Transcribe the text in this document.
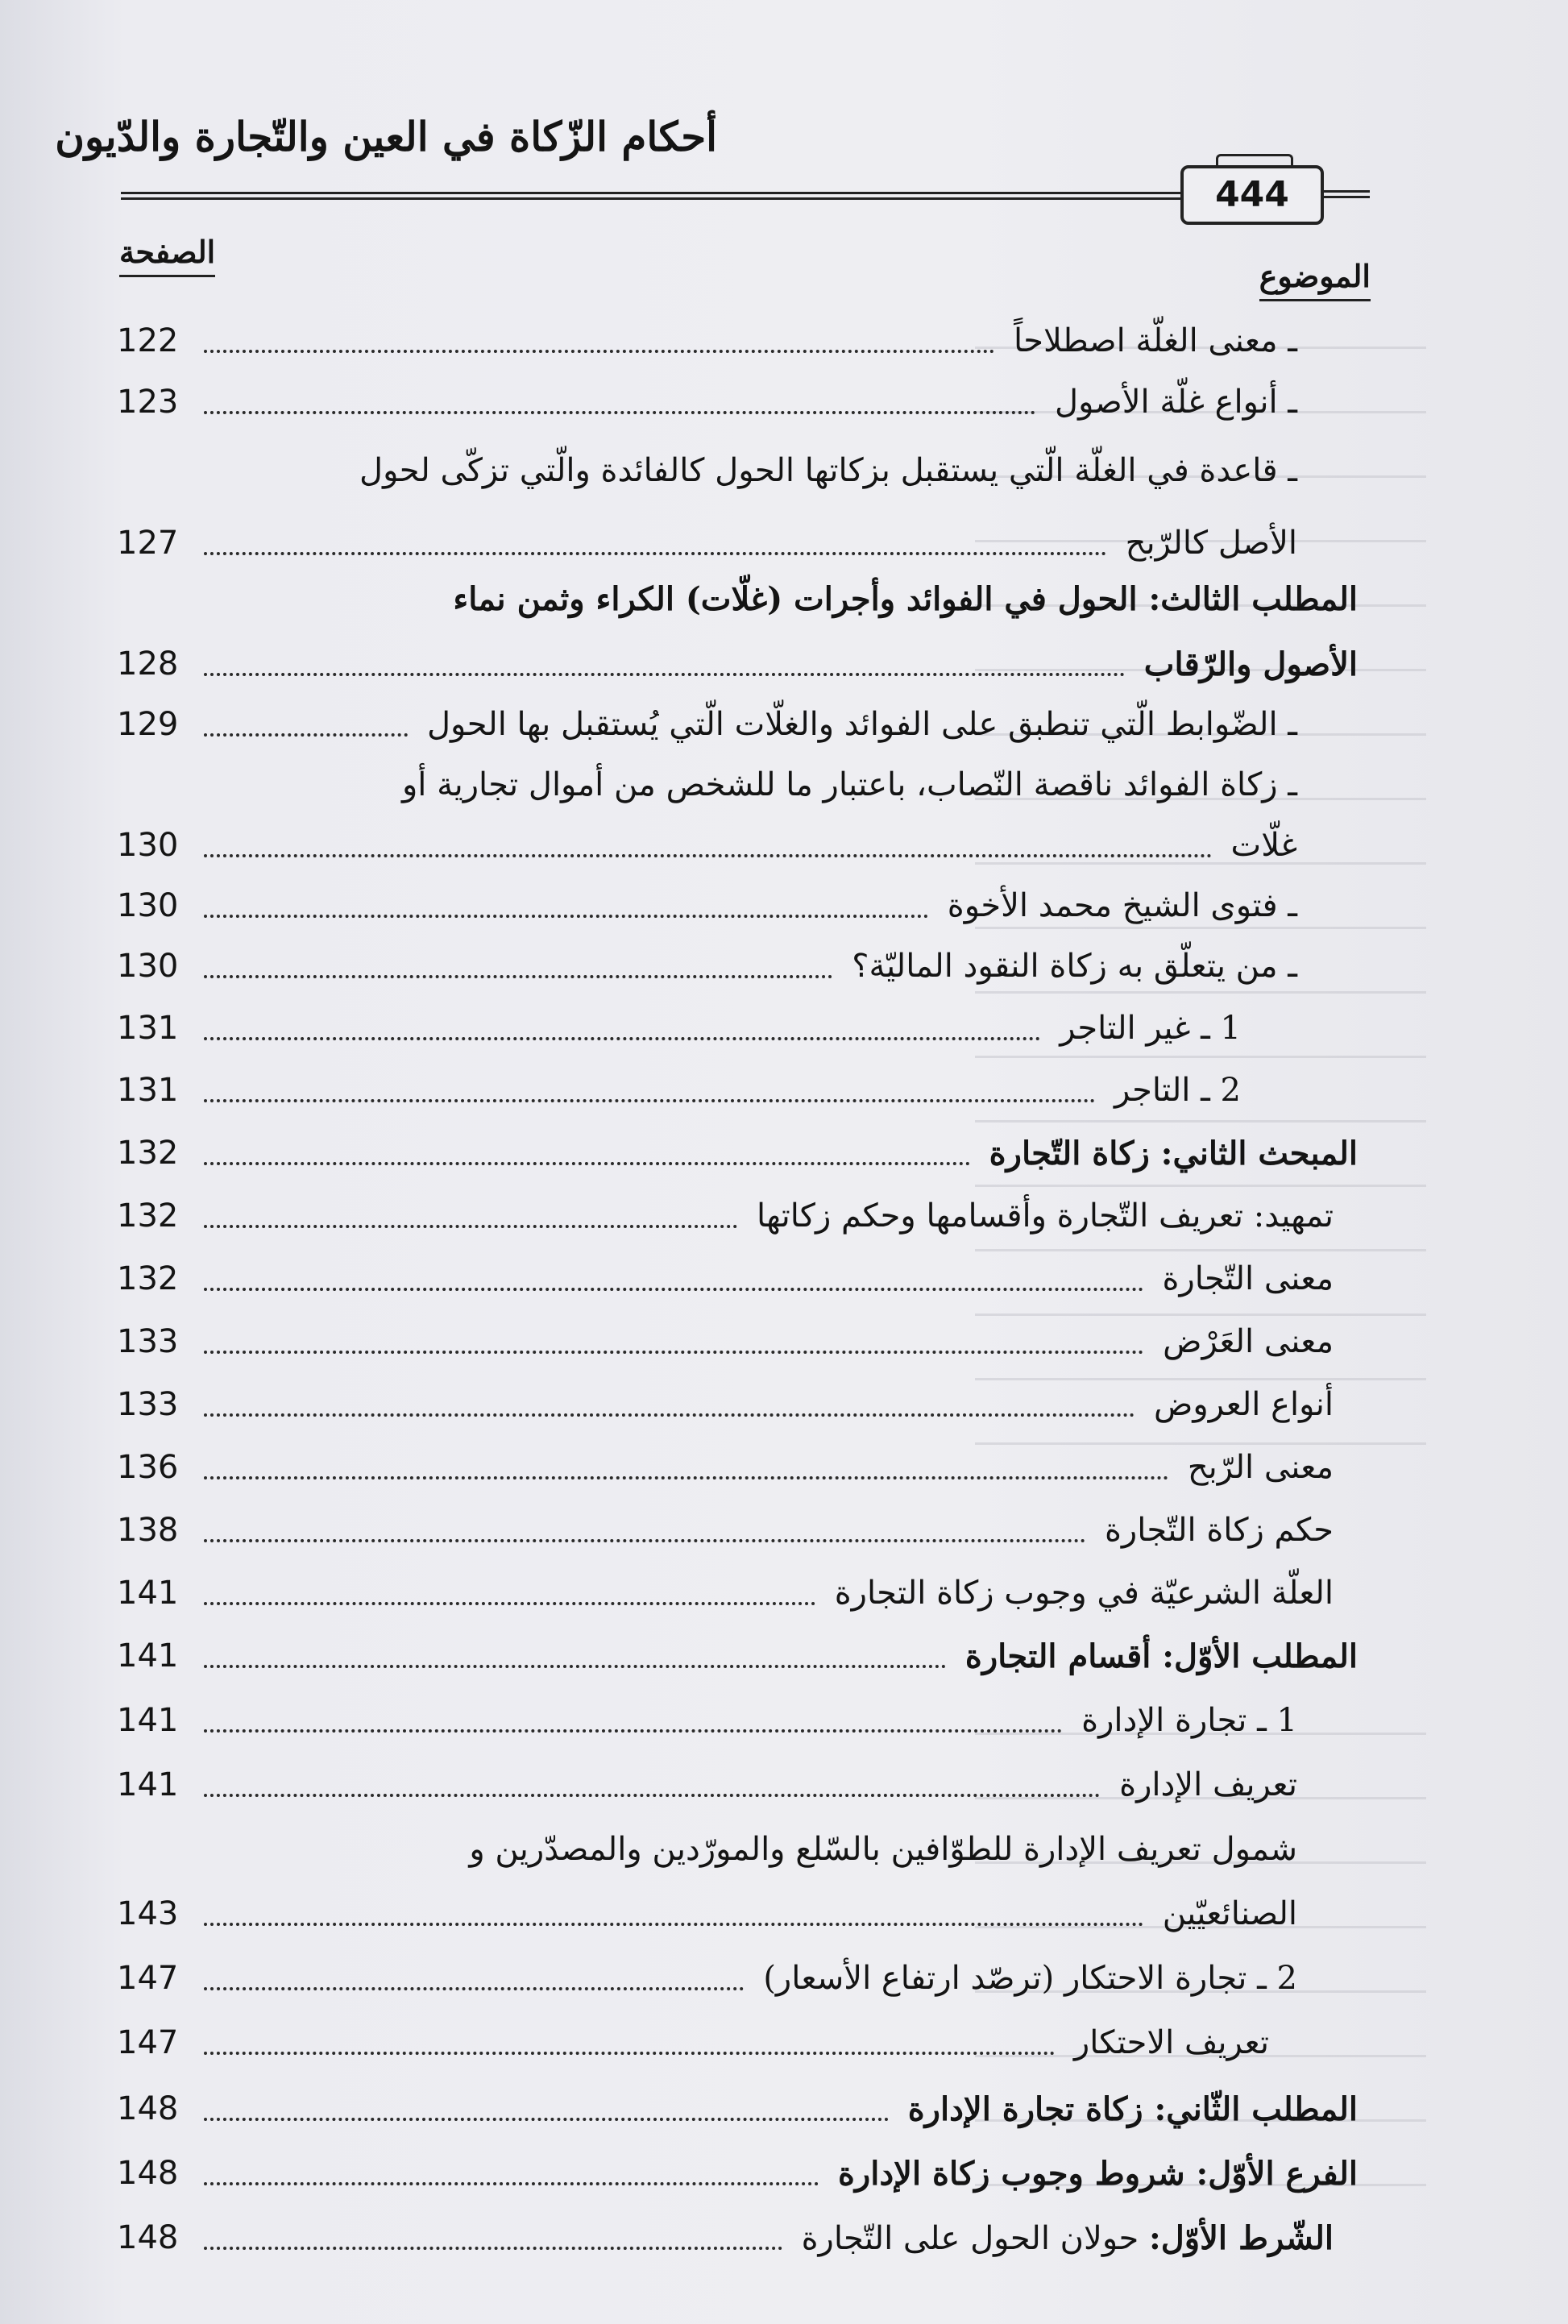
أحكام الزّكاة في العين والتّجارة والدّيون
444
الصفحة
الموضوع
ـ معنى الغلّة اصطلاحاً
122
ـ أنواع غلّة الأصول
123
ـ قاعدة في الغلّة الّتي يستقبل بزكاتها الحول كالفائدة والّتي تزكّى لحول
الأصل كالرّبح
127
المطلب الثالث: الحول في الفوائد وأجرات (غلّات) الكراء وثمن نماء
الأصول والرّقاب
128
ـ الضّوابط الّتي تنطبق على الفوائد والغلّات الّتي يُستقبل بها الحول
129
ـ زكاة الفوائد ناقصة النّصاب، باعتبار ما للشخص من أموال تجارية أو
غلّات
130
ـ فتوى الشيخ محمد الأخوة
130
ـ من يتعلّق به زكاة النقود الماليّة؟
130
1 ـ غير التاجر
131
2 ـ التاجر
131
المبحث الثاني: زكاة التّجارة
132
تمهيد: تعريف التّجارة وأقسامها وحكم زكاتها
132
معنى التّجارة
132
معنى العَرْض
133
أنواع العروض
133
معنى الرّبح
136
حكم زكاة التّجارة
138
العلّة الشرعيّة في وجوب زكاة التجارة
141
المطلب الأوّل: أقسام التجارة
141
1 ـ تجارة الإدارة
141
تعريف الإدارة
141
شمول تعريف الإدارة للطوّافين بالسّلع والمورّدين والمصدّرين و
الصنائعيّين
143
2 ـ تجارة الاحتكار (ترصّد ارتفاع الأسعار)
147
تعريف الاحتكار
147
المطلب الثّاني: زكاة تجارة الإدارة
148
الفرع الأوّل: شروط وجوب زكاة الإدارة
148
الشّرط الأوّل: حولان الحول على التّجارة
148
